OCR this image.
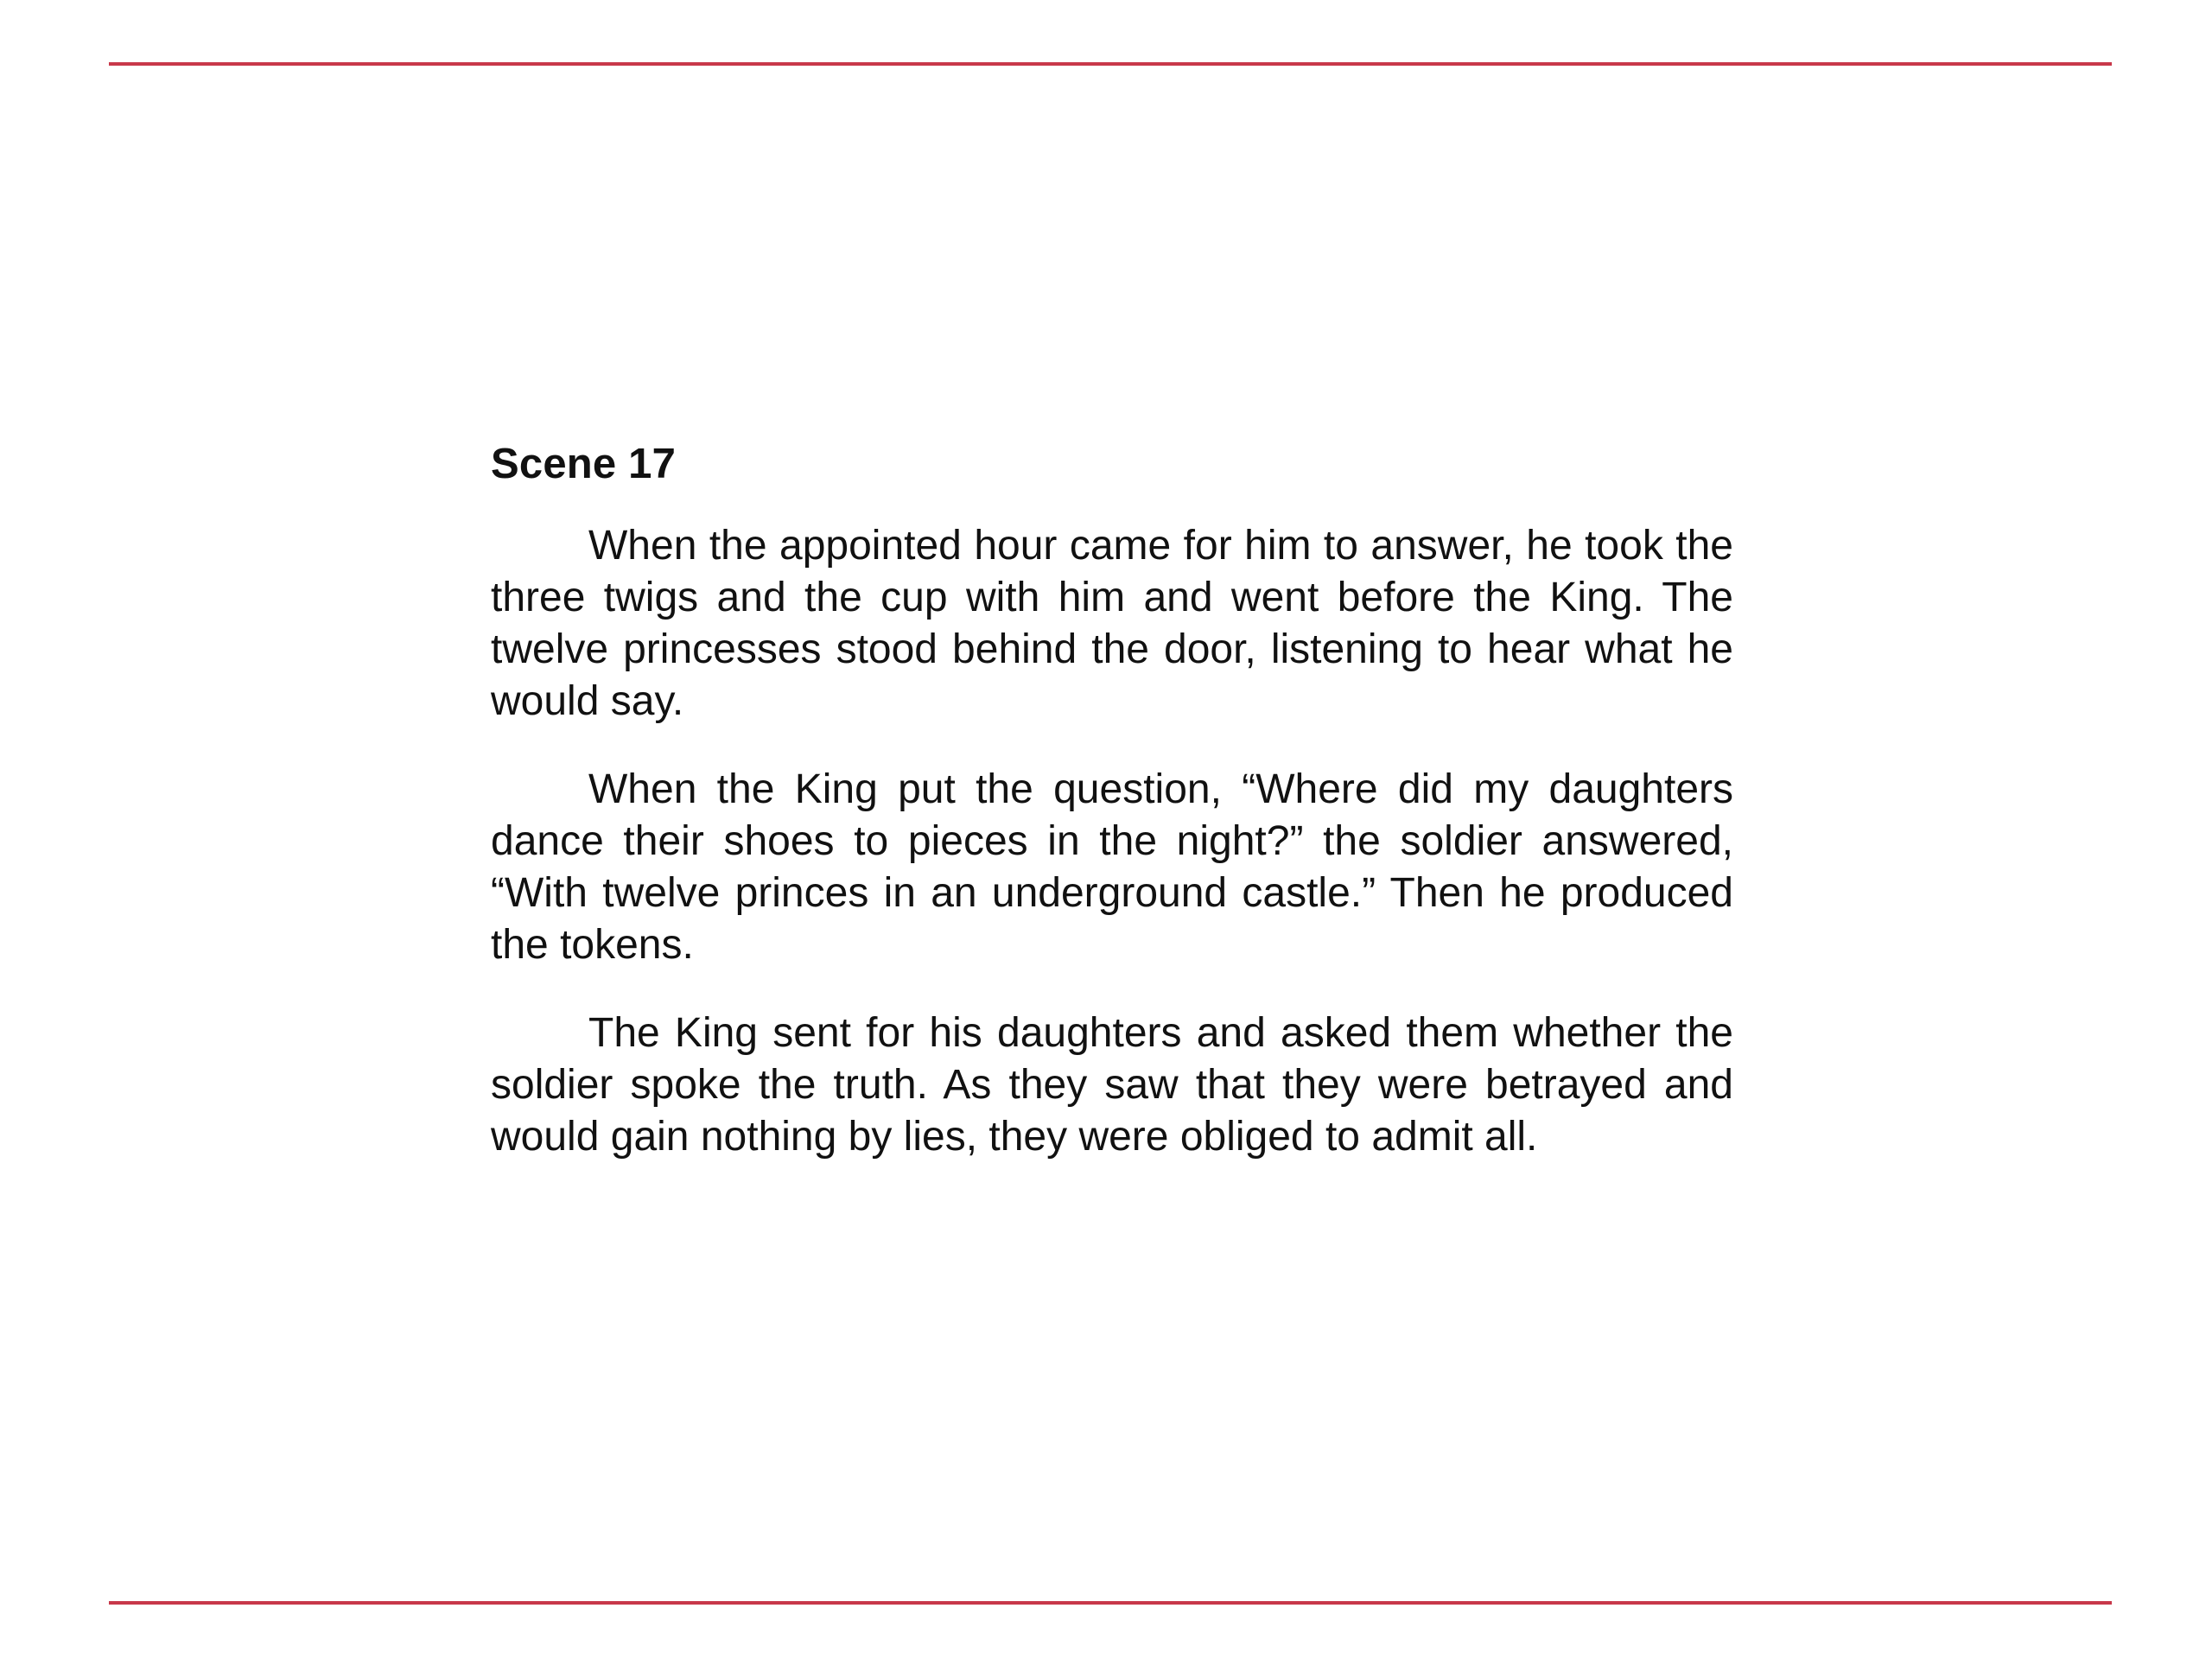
Scene 17

When the appointed hour came for him to answer, he took the three twigs and the cup with him and went before the King. The twelve princesses stood behind the door, listening to hear what he would say.

When the King put the question, “Where did my daughters dance their shoes to pieces in the night?” the soldier answered, “With twelve princes in an underground castle.” Then he produced the tokens.

The King sent for his daughters and asked them whether the soldier spoke the truth. As they saw that they were betrayed and would gain nothing by lies, they were obliged to admit all.
